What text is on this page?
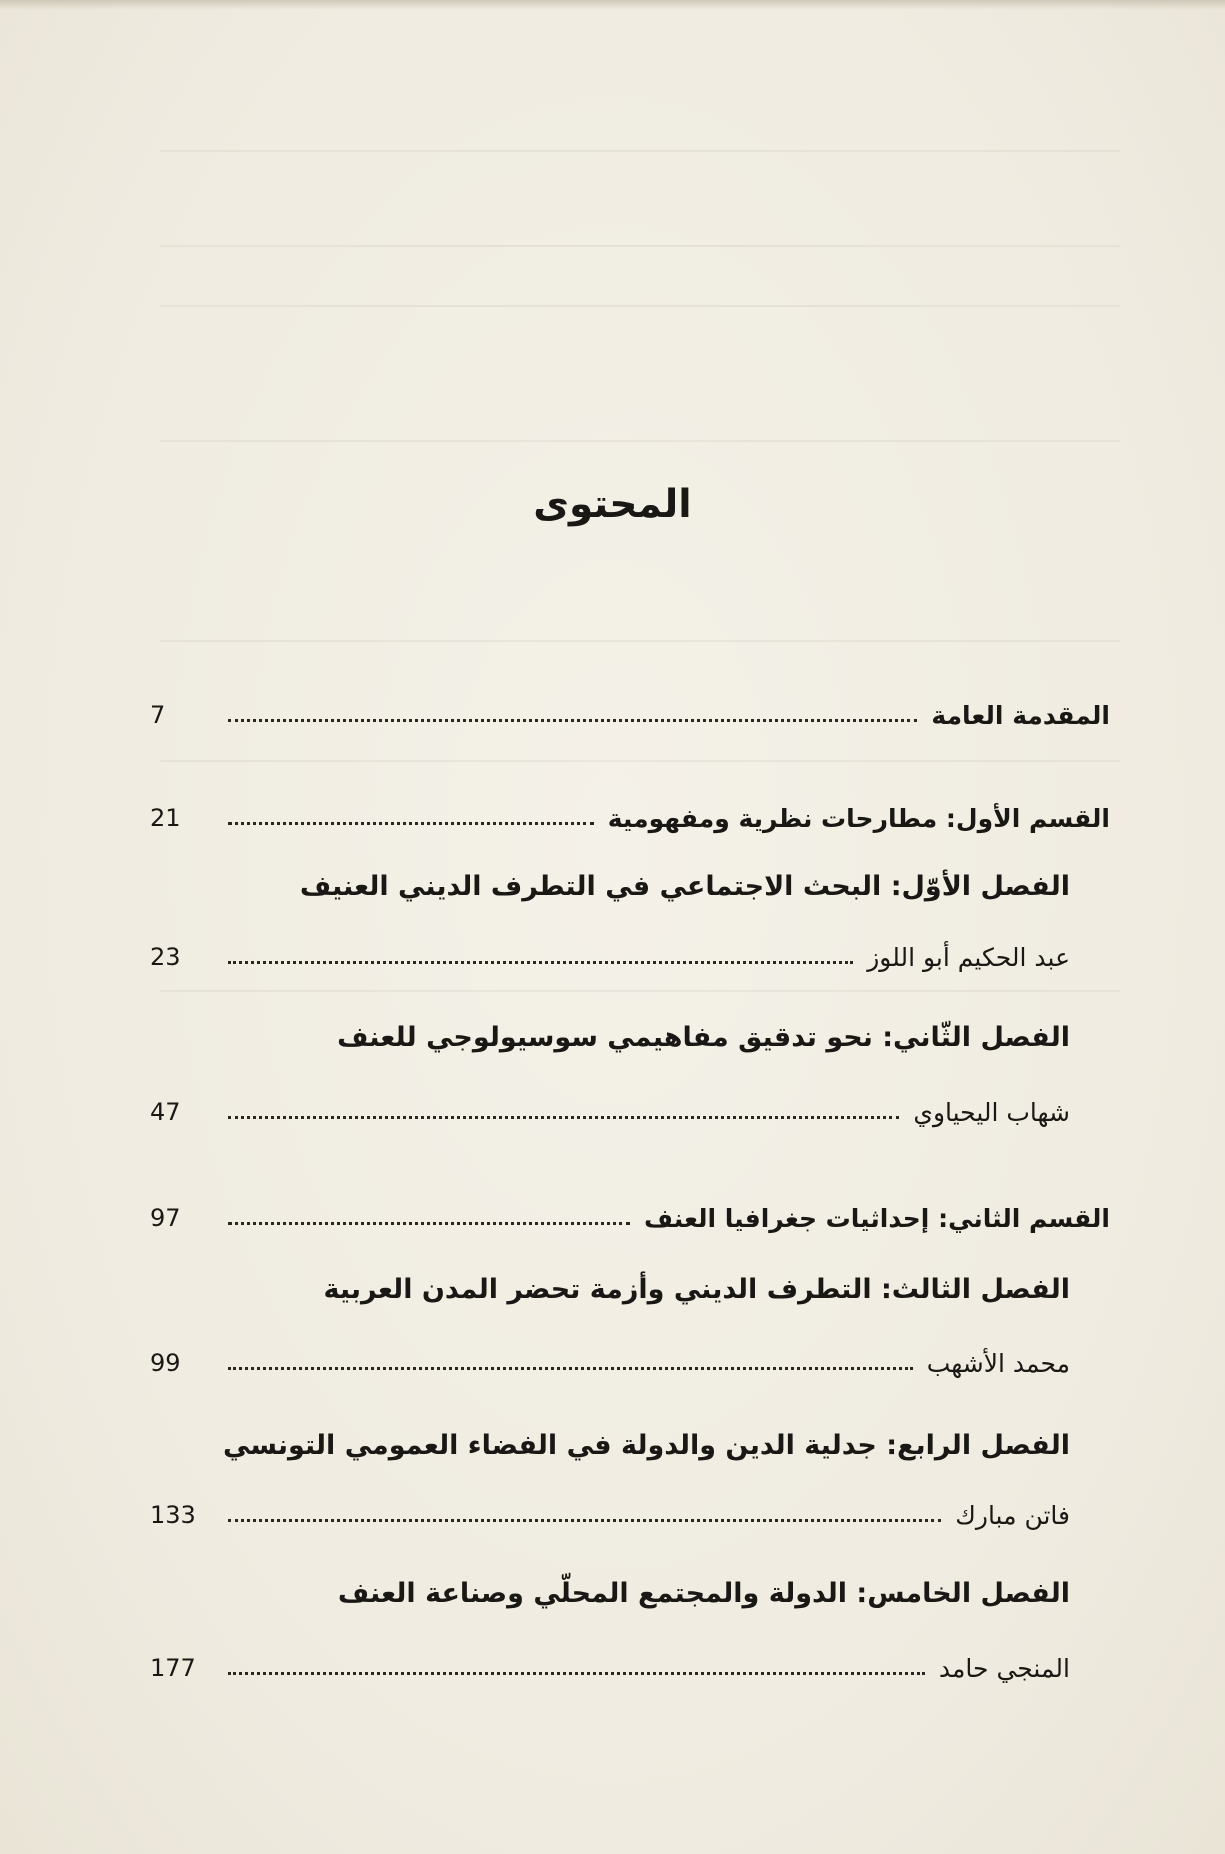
المحتوى
المقدمة العامة
7
القسم الأول: مطارحات نظرية ومفهومية
21
الفصل الأوّل: البحث الاجتماعي في التطرف الديني العنيف
عبد الحكيم أبو اللوز
23
الفصل الثّاني: نحو تدقيق مفاهيمي سوسيولوجي للعنف
شهاب اليحياوي
47
القسم الثاني: إحداثيات جغرافيا العنف
97
الفصل الثالث: التطرف الديني وأزمة تحضر المدن العربية
محمد الأشهب
99
الفصل الرابع: جدلية الدين والدولة في الفضاء العمومي التونسي
فاتن مبارك
133
الفصل الخامس: الدولة والمجتمع المحلّي وصناعة العنف
المنجي حامد
177
